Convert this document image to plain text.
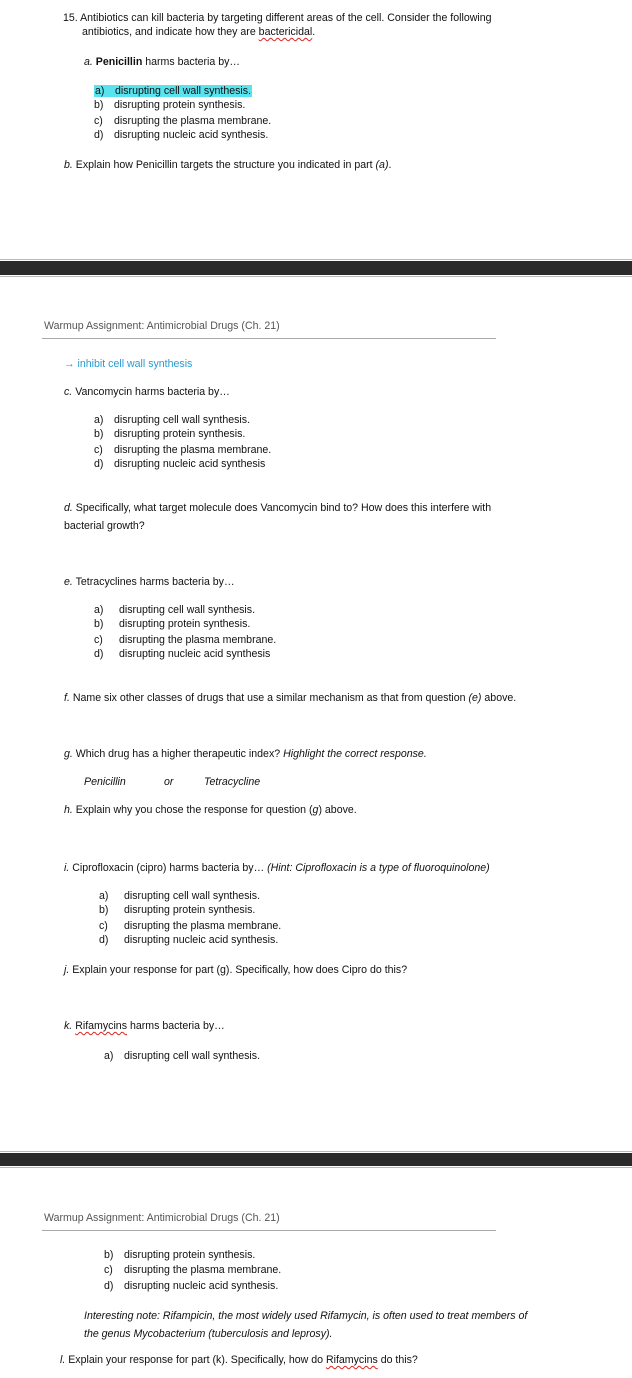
15. Antibiotics can kill bacteria by targeting different areas of the cell. Consider the following
antibiotics, and indicate how they are bactericidal.
a. Penicillin harms bacteria by…
a) disrupting cell wall synthesis.
b) disrupting protein synthesis.
c) disrupting the plasma membrane.
d) disrupting nucleic acid synthesis.
b. Explain how Penicillin targets the structure you indicated in part (a).
Warmup Assignment: Antimicrobial Drugs (Ch. 21)
→ inhibit cell wall synthesis
c. Vancomycin harms bacteria by…
a) disrupting cell wall synthesis.
b) disrupting protein synthesis.
c) disrupting the plasma membrane.
d) disrupting nucleic acid synthesis
d. Specifically, what target molecule does Vancomycin bind to? How does this interfere with
bacterial growth?
e. Tetracyclines harms bacteria by…
a) disrupting cell wall synthesis.
b) disrupting protein synthesis.
c) disrupting the plasma membrane.
d) disrupting nucleic acid synthesis
f. Name six other classes of drugs that use a similar mechanism as that from question (e) above.
g. Which drug has a higher therapeutic index? Highlight the correct response.
Penicillin	or	Tetracycline
h. Explain why you chose the response for question (g) above.
i. Ciprofloxacin (cipro) harms bacteria by… (Hint: Ciprofloxacin is a type of fluoroquinolone)
a) disrupting cell wall synthesis.
b) disrupting protein synthesis.
c) disrupting the plasma membrane.
d) disrupting nucleic acid synthesis.
j. Explain your response for part (g). Specifically, how does Cipro do this?
k. Rifamycins harms bacteria by…
a) disrupting cell wall synthesis.
Warmup Assignment: Antimicrobial Drugs (Ch. 21)
b) disrupting protein synthesis.
c) disrupting the plasma membrane.
d) disrupting nucleic acid synthesis.
Interesting note: Rifampicin, the most widely used Rifamycin, is often used to treat members of
the genus Mycobacterium (tuberculosis and leprosy).
l. Explain your response for part (k). Specifically, how do Rifamycins do this?
